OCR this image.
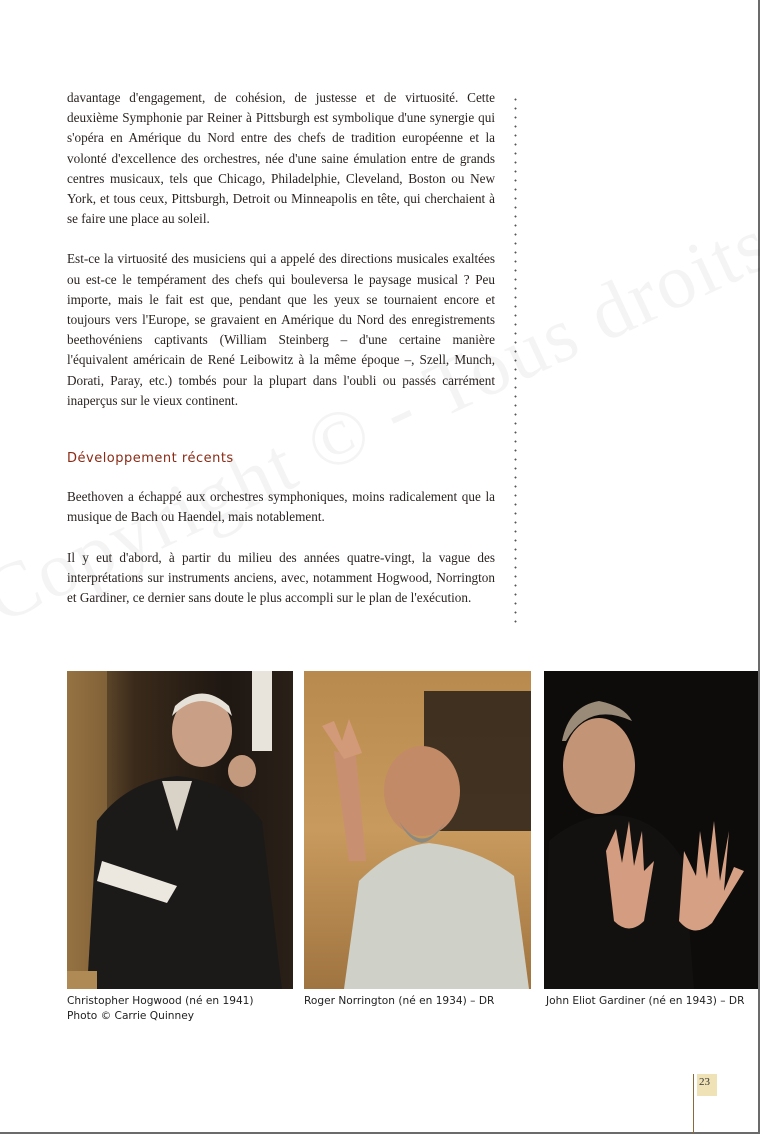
davantage d'engagement, de cohésion, de justesse et de virtuosité. Cette deuxième Symphonie par Reiner à Pittsburgh est symbolique d'une synergie qui s'opéra en Amérique du Nord entre des chefs de tradition européenne et la volonté d'excellence des orchestres, née d'une saine émulation entre de grands centres musicaux, tels que Chicago, Philadelphie, Cleveland, Boston ou New York, et tous ceux, Pittsburgh, Detroit ou Minneapolis en tête, qui cherchaient à se faire une place au soleil.

Est-ce la virtuosité des musiciens qui a appelé des directions musicales exaltées ou est-ce le tempérament des chefs qui bouleversa le paysage musical ? Peu importe, mais le fait est que, pendant que les yeux se tournaient encore et toujours vers l'Europe, se gravaient en Amérique du Nord des enregistrements beethovéniens captivants (William Steinberg – d'une certaine manière l'équivalent américain de René Leibowitz à la même époque –, Szell, Munch, Dorati, Paray, etc.) tombés pour la plupart dans l'oubli ou passés carrément inaperçus sur le vieux continent.

Développement récents

Beethoven a échappé aux orchestres symphoniques, moins radicalement que la musique de Bach ou Haendel, mais notablement.

Il y eut d'abord, à partir du milieu des années quatre-vingt, la vague des interprétations sur instruments anciens, avec, notamment Hogwood, Norrington et Gardiner, ce dernier sans doute le plus accompli sur le plan de l'exécution.

Christopher Hogwood (né en 1941)
Photo © Carrie Quinney
Roger Norrington (né en 1934) – DR	John Eliot Gardiner (né en 1943) – DR
23
